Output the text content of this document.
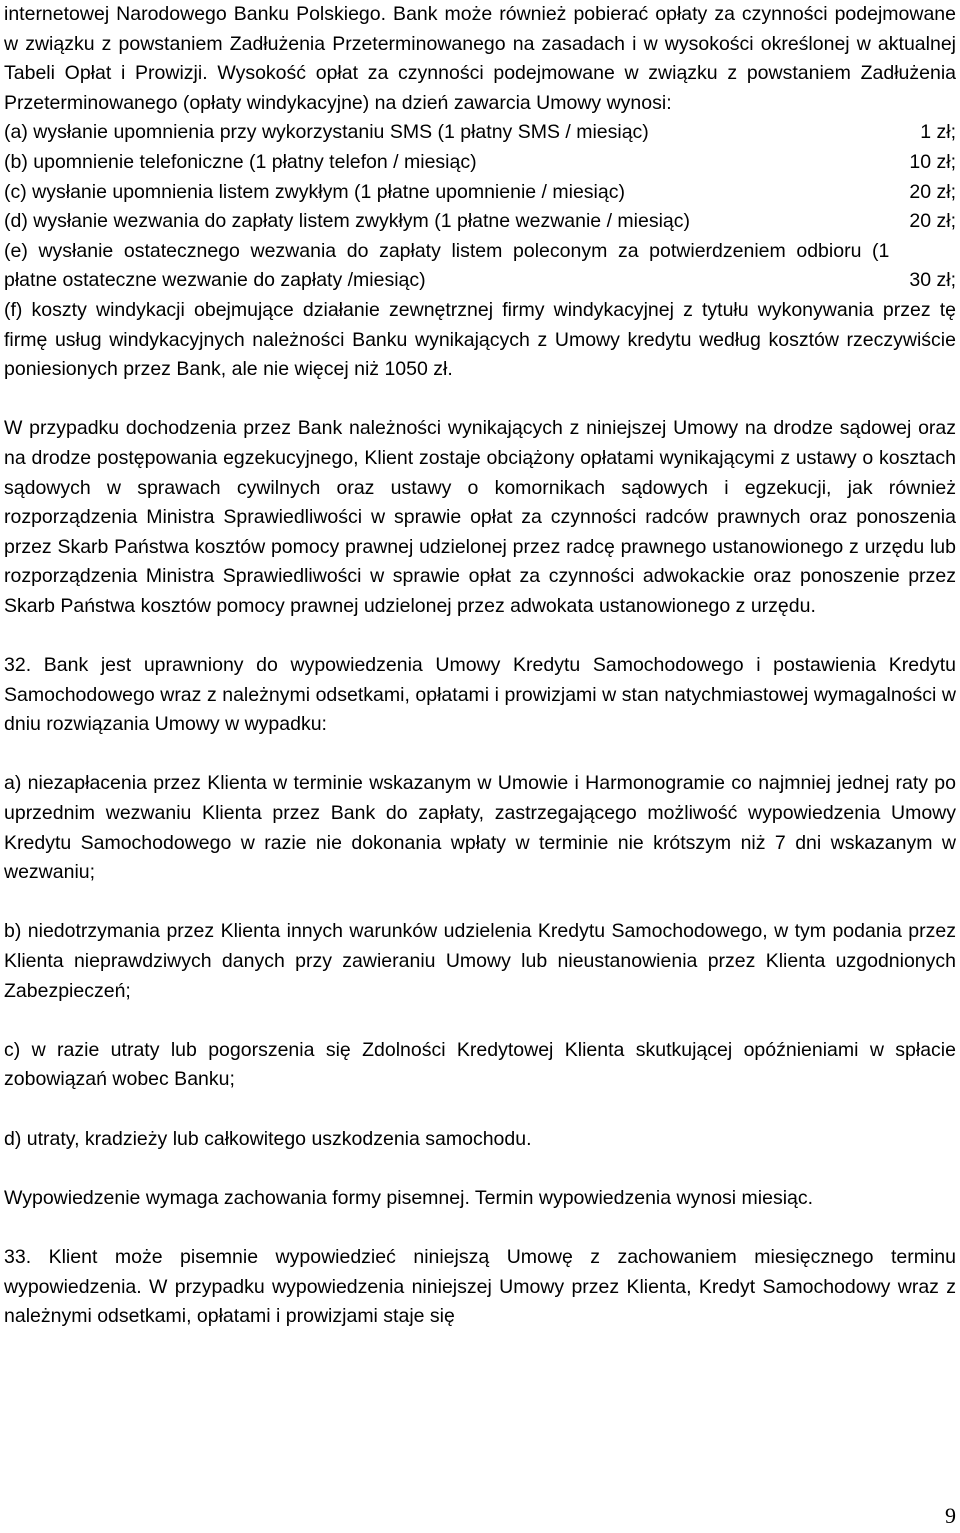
internetowej Narodowego Banku Polskiego. Bank może również pobierać opłaty za czynności podejmowane w związku z powstaniem Zadłużenia Przeterminowanego na zasadach i w wysokości określonej w aktualnej Tabeli Opłat i Prowizji. Wysokość opłat za czynności podejmowane w związku z powstaniem Zadłużenia Przeterminowanego (opłaty windykacyjne) na dzień zawarcia Umowy wynosi:

(a) wysłanie upomnienia przy wykorzystaniu SMS (1 płatny SMS / miesiąc)	1 zł;
(b) upomnienie telefoniczne (1 płatny telefon / miesiąc)	10 zł;
(c) wysłanie upomnienia listem zwykłym (1 płatne upomnienie / miesiąc)	20 zł;
(d) wysłanie wezwania do zapłaty listem zwykłym (1 płatne wezwanie / miesiąc)	20 zł;
(e) wysłanie ostatecznego wezwania do zapłaty listem poleconym za potwierdzeniem odbioru (1 płatne ostateczne wezwanie do zapłaty /miesiąc)	30 zł;

(f) koszty windykacji obejmujące działanie zewnętrznej firmy windykacyjnej z tytułu wykonywania przez tę firmę usług windykacyjnych należności Banku wynikających z Umowy kredytu według kosztów rzeczywiście poniesionych przez Bank, ale nie więcej niż 1050 zł.

W przypadku dochodzenia przez Bank należności wynikających z niniejszej Umowy na drodze sądowej oraz na drodze postępowania egzekucyjnego, Klient zostaje obciążony opłatami wynikającymi z ustawy o kosztach sądowych w sprawach cywilnych oraz ustawy o komornikach sądowych i egzekucji, jak również rozporządzenia Ministra Sprawiedliwości w sprawie opłat za czynności radców prawnych oraz ponoszenia przez Skarb Państwa kosztów pomocy prawnej udzielonej przez radcę prawnego ustanowionego z urzędu lub rozporządzenia Ministra Sprawiedliwości w sprawie opłat za czynności adwokackie oraz ponoszenie przez Skarb Państwa kosztów pomocy prawnej udzielonej przez adwokata ustanowionego z urzędu.

32. Bank jest uprawniony do wypowiedzenia Umowy Kredytu Samochodowego i postawienia Kredytu Samochodowego wraz z należnymi odsetkami, opłatami i prowizjami w stan natychmiastowej wymagalności w dniu rozwiązania Umowy w wypadku:

a) niezapłacenia przez Klienta w terminie wskazanym w Umowie i Harmonogramie co najmniej jednej raty po uprzednim wezwaniu Klienta przez Bank do zapłaty, zastrzegającego możliwość wypowiedzenia Umowy Kredytu Samochodowego w razie nie dokonania wpłaty w terminie nie krótszym niż 7 dni wskazanym w wezwaniu;

b) niedotrzymania przez Klienta innych warunków udzielenia Kredytu Samochodowego, w tym podania przez Klienta nieprawdziwych danych przy zawieraniu Umowy lub nieustanowienia przez Klienta uzgodnionych Zabezpieczeń;

c) w razie utraty lub pogorszenia się Zdolności Kredytowej Klienta skutkującej opóźnieniami w spłacie zobowiązań wobec Banku;

d) utraty, kradzieży lub całkowitego uszkodzenia samochodu.

Wypowiedzenie wymaga zachowania formy pisemnej. Termin wypowiedzenia wynosi miesiąc.

33. Klient może pisemnie wypowiedzieć niniejszą Umowę z zachowaniem miesięcznego terminu wypowiedzenia. W przypadku wypowiedzenia niniejszej Umowy przez Klienta, Kredyt Samochodowy wraz z należnymi odsetkami, opłatami i prowizjami staje się

9
